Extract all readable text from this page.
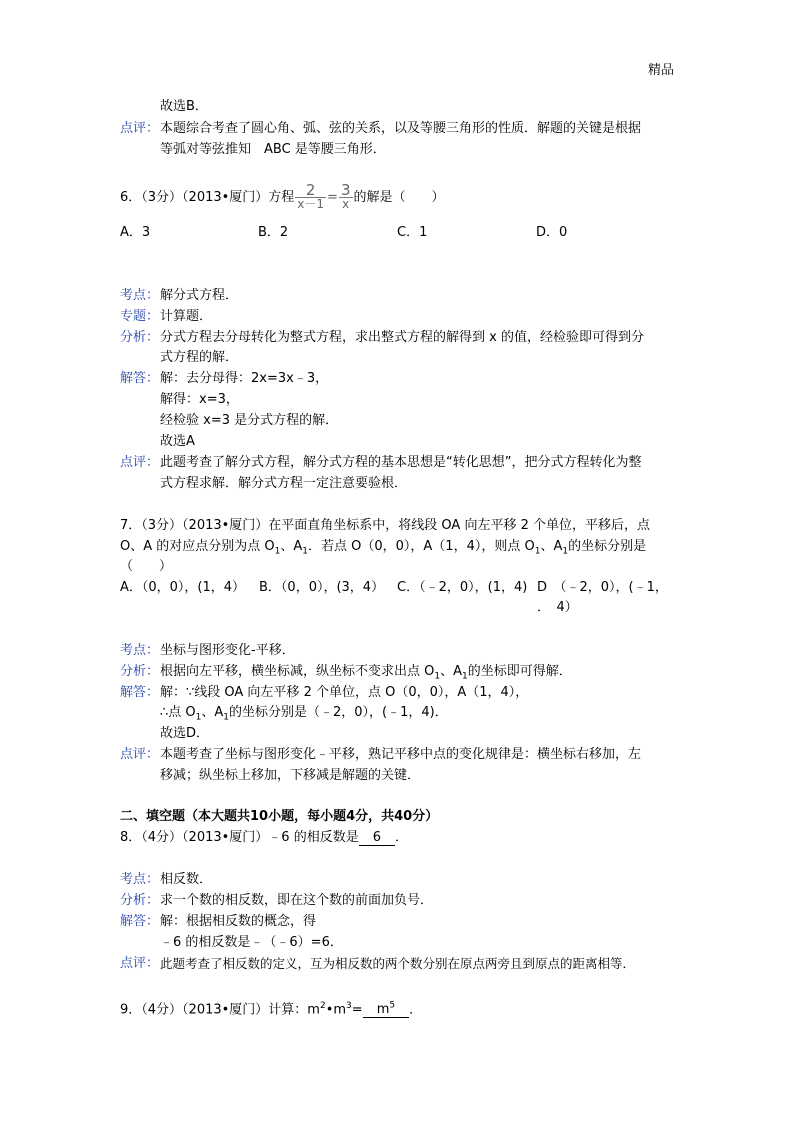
精品
故选B．
点评： 本题综合考查了圆心角、弧、弦的关系，以及等腰三角形的性质．解题的关键是根据
等弧对等弦推知　ABC 是等腰三角形．
6．（3分）（2013•厦门）方程 $\frac{2}{x-1} = \frac{3}{x}$ 的解是（　　）
A．3	B．2	C．1	D．0
考点： 解分式方程．
专题： 计算题．
分析： 分式方程去分母转化为整式方程，求出整式方程的解得到 x 的值，经检验即可得到分
式方程的解．
解答： 解：去分母得：2x=3x﹣3，
解得：x=3，
经检验 x=3 是分式方程的解．
故选A
点评： 此题考查了解分式方程，解分式方程的基本思想是“转化思想”，把分式方程转化为整
式方程求解．解分式方程一定注意要验根．
7．（3分）（2013•厦门）在平面直角坐标系中，将线段 OA 向左平移 2 个单位，平移后，点
O、A 的对应点分别为点 $O_1$、$A_1$．若点 O（0，0），A（1，4），则点 $O_1$、$A_1$的坐标分别是
（　　）
A．（0，0），(1，4） B．（0，0），(3，4） C．（﹣2，0），(1，4) D　（﹣2，0），(﹣1，
．　4）
考点： 坐标与图形变化-平移．
分析： 根据向左平移，横坐标减，纵坐标不变求出点 $O_1$、$A_1$的坐标即可得解．
解答： 解：∵线段 OA 向左平移 2 个单位，点 O（0，0），A（1，4），
∴点 $O_1$、$A_1$的坐标分别是（﹣2，0），(﹣1，4)．
故选D．
点评： 本题考查了坐标与图形变化﹣平移，熟记平移中点的变化规律是：横坐标右移加，左
移减；纵坐标上移加，下移减是解题的关键．
二、填空题（本大题共10小题，每小题4分，共40分）
8．（4分）（2013•厦门）﹣6 的相反数是 6 ．
考点： 相反数．
分析： 求一个数的相反数，即在这个数的前面加负号．
解答： 解：根据相反数的概念，得
﹣6 的相反数是﹣（﹣6）=6．
点评： 此题考查了相反数的定义，互为相反数的两个数分别在原点两旁且到原点的距离相等．
9．（4分）（2013•厦门）计算：$m^2•m^3= m^5$ ．
